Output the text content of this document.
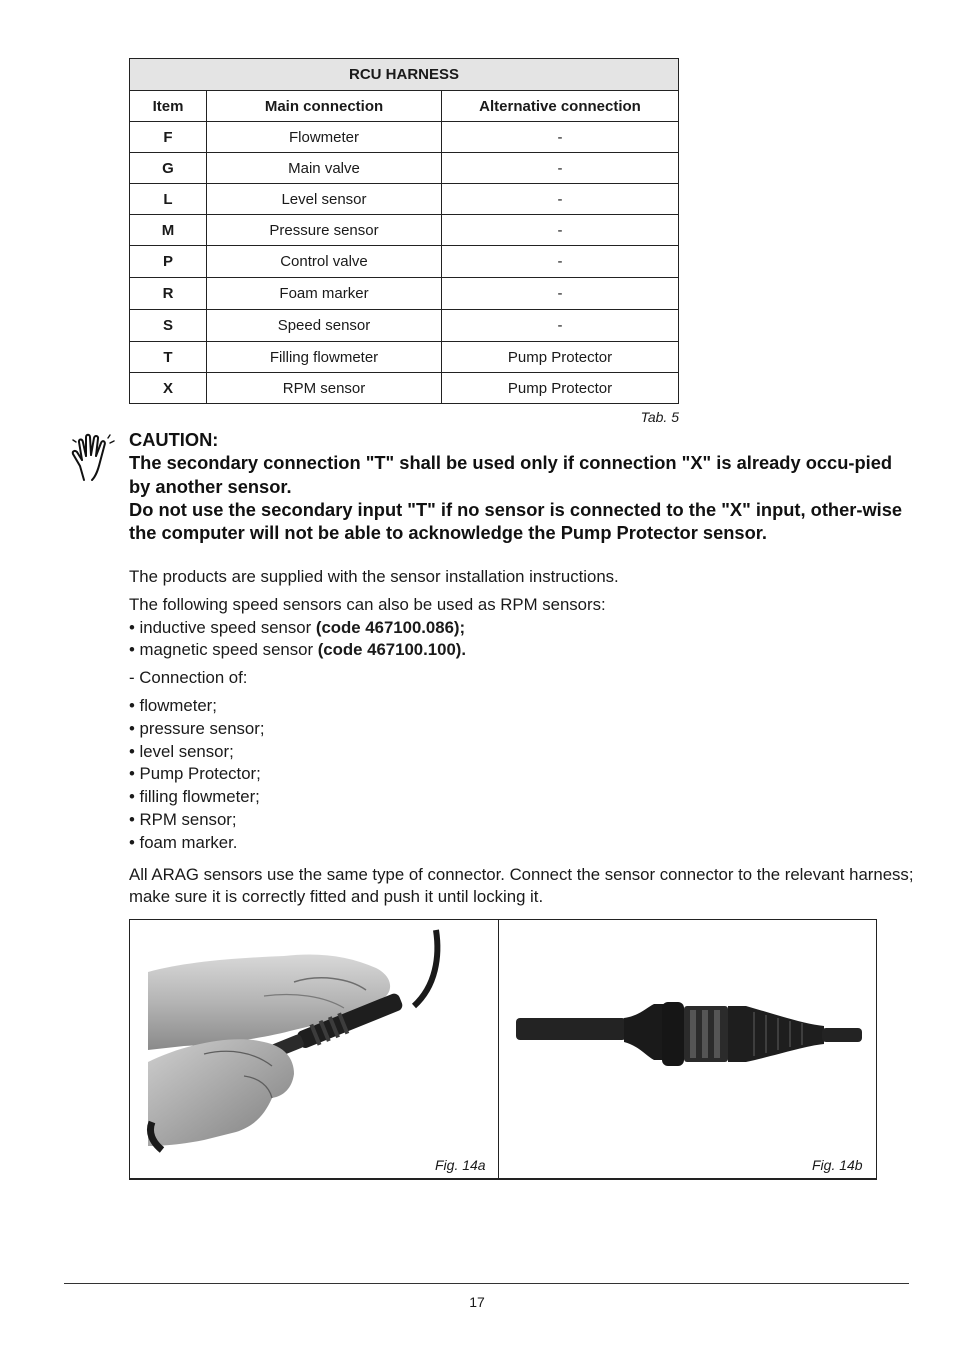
RCU HARNESS		
Item	Main connection	Alternative connection
F	Flowmeter	-
G	Main valve	-
L	Level sensor	-
M	Pressure sensor	-
P	Control valve	-
R	Foam marker	-
S	Speed sensor	-
T	Filling flowmeter	Pump Protector
X	RPM sensor	Pump Protector
Tab. 5

CAUTION:

The secondary connection "T" shall be used only if connection "X" is already occu-pied by another sensor.

Do not use the secondary input "T" if no sensor is connected to the "X" input, other-wise the computer will not be able to acknowledge the Pump Protector sensor.

The products are supplied with the sensor installation instructions.

The following speed sensors can also be used as RPM sensors:

• inductive speed sensor (code 467100.086);

• magnetic speed sensor (code 467100.100).

- Connection of:

• flowmeter;

• pressure sensor;

• level sensor;

• Pump Protector;

• filling flowmeter;

• RPM sensor;

• foam marker.

All ARAG sensors use the same type of connector. Connect the sensor connector to the relevant harness; make sure it is correctly fitted and push it until locking it.

Fig. 14a	Fig. 14b
17
